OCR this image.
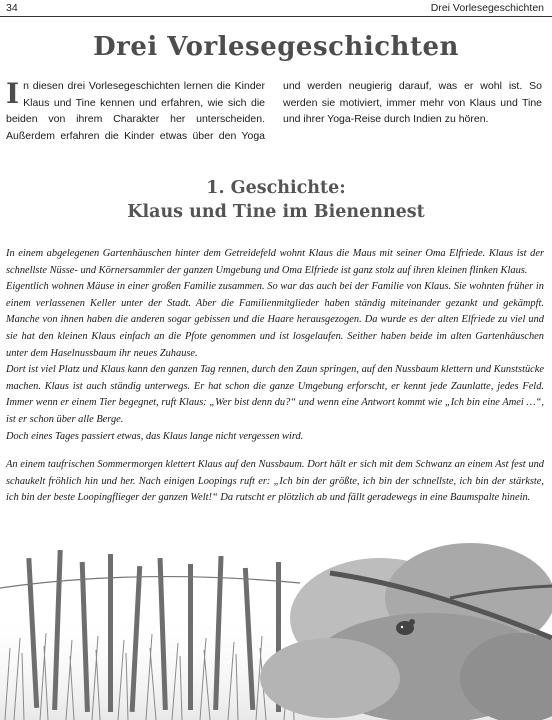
34	Drei Vorlesegeschichten
Drei Vorlesegeschichten

In diesen drei Vorlesegeschichten lernen die Kinder Klaus und Tine kennen und erfahren, wie sich die beiden von ihrem Charakter her unterscheiden. Außerdem erfahren die Kinder etwas über den Yoga und werden neugierig darauf, was er wohl ist. So werden sie motiviert, immer mehr von Klaus und Tine und ihrer Yoga-Reise durch Indien zu hören.

1. Geschichte:
Klaus und Tine im Bienennest

In einem abgelegenen Gartenhäuschen hinter dem Getreidefeld wohnt Klaus die Maus mit seiner Oma Elfriede. Klaus ist der schnellste Nüsse- und Körnersammler der ganzen Umgebung und Oma Elfriede ist ganz stolz auf ihren kleinen flinken Klaus.

Eigentlich wohnen Mäuse in einer großen Familie zusammen. So war das auch bei der Familie von Klaus. Sie wohnten früher in einem verlassenen Keller unter der Stadt. Aber die Familienmitglieder haben ständig miteinander gezankt und gekämpft. Manche von ihnen haben die anderen sogar gebissen und die Haare herausgezogen. Da wurde es der alten Elfriede zu viel und sie hat den kleinen Klaus einfach an die Pfote genommen und ist losgelaufen. Seither haben beide im alten Gartenhäuschen unter dem Haselnussbaum ihr neues Zuhause.

Dort ist viel Platz und Klaus kann den ganzen Tag rennen, durch den Zaun springen, auf den Nussbaum klettern und Kunststücke machen. Klaus ist auch ständig unterwegs. Er hat schon die ganze Umgebung erforscht, er kennt jede Zaunlatte, jedes Feld. Immer wenn er einem Tier begegnet, ruft Klaus: „Wer bist denn du?“ und wenn eine Antwort kommt wie „Ich bin eine Amei …“, ist er schon über alle Berge.

Doch eines Tages passiert etwas, das Klaus lange nicht vergessen wird.

An einem taufrischen Sommermorgen klettert Klaus auf den Nussbaum. Dort hält er sich mit dem Schwanz an einem Ast fest und schaukelt fröhlich hin und her. Nach einigen Loopings ruft er: „Ich bin der größte, ich bin der schnellste, ich bin der stärkste, ich bin der beste Loopingflieger der ganzen Welt!“ Da rutscht er plötzlich ab und fällt geradewegs in eine Baumspalte hinein.
